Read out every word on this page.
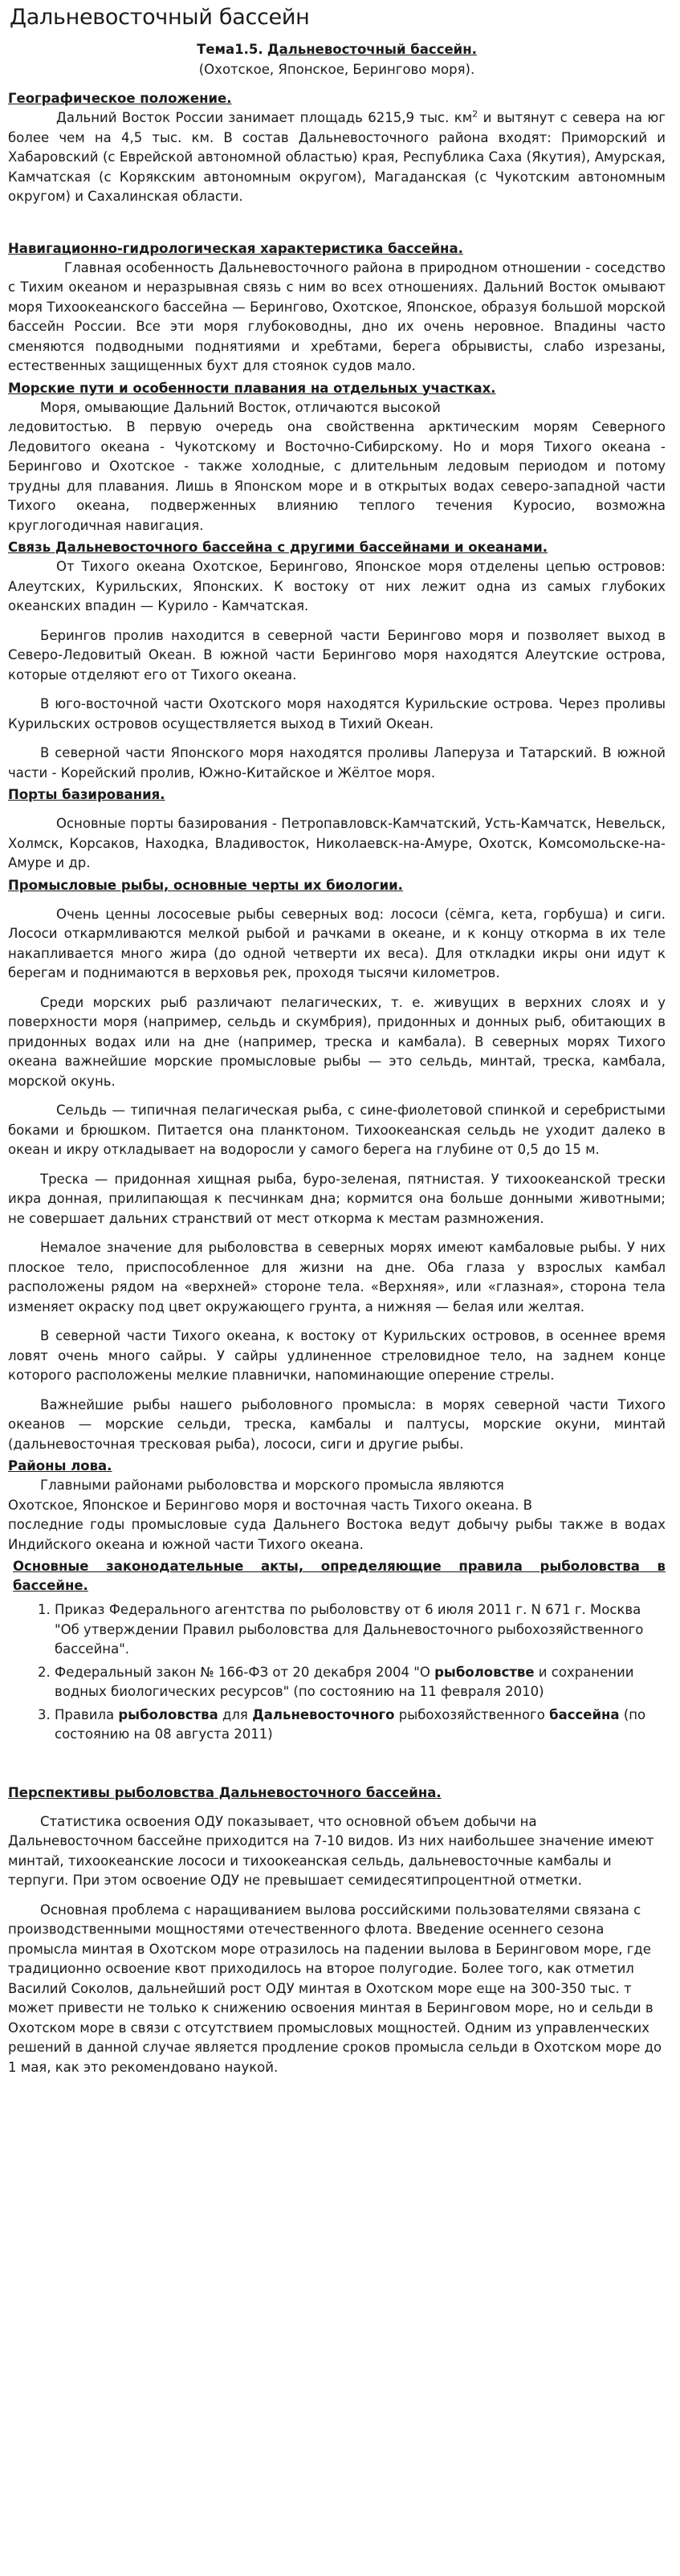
Дальневосточный бассейн

Тема1.5. Дальневосточный бассейн.

(Охотское, Японское, Берингово моря).

Географическое положение.

Дальний Восток России занимает площадь 6215,9 тыс. $км^2$ и вытянут с севера на юг более чем на 4,5 тыс. км. В состав Дальневосточного района входят: Приморский и Хабаровский (с Еврейской автономной областью) края, Республика Саха (Якутия), Амурская, Камчатская (с Корякским автономным округом), Магаданская (с Чукотским автономным округом) и Сахалинская области.

Навигационно-гидрологическая характеристика бассейна.

Главная особенность Дальневосточного района в природном отношении - соседство с Тихим океаном и неразрывная связь с ним во всех отношениях. Дальний Восток омывают моря Тихоокеанского бассейна — Берингово, Охотское, Японское, образуя большой морской бассейн России. Все эти моря глубоководны, дно их очень неровное. Впадины часто сменяются подводными поднятиями и хребтами, берега обрывисты, слабо изрезаны, естественных защищенных бухт для стоянок судов мало.

Морские пути и особенности плавания на отдельных участках.

Моря, омывающие Дальний Восток, отличаются высокой

ледовитостью. В первую очередь она свойственна арктическим морям Северного Ледовитого океана - Чукотскому и Восточно-Сибирскому. Но и моря Тихого океана - Берингово и Охотское - также холодные, с длительным ледовым периодом и потому трудны для плавания. Лишь в Японском море и в открытых водах северо-западной части Тихого океана, подверженных влиянию теплого течения Куросио, возможна круглогодичная навигация.

Связь Дальневосточного бассейна с другими бассейнами и океанами.

От Тихого океана Охотское, Берингово, Японское моря отделены цепью островов: Алеутских, Курильских, Японских. К востоку от них лежит одна из самых глубоких океанских впадин — Курило - Камчатская.

Берингов пролив находится в северной части Берингово моря и позволяет выход в Северо-Ледовитый Океан. В южной части Берингово моря находятся Алеутские острова, которые отделяют его от Тихого океана.

В юго-восточной части Охотского моря находятся Курильские острова. Через проливы Курильских островов осуществляется выход в Тихий Океан.

В северной части Японского моря находятся проливы Лаперуза и Татарский. В южной части - Корейский пролив, Южно-Китайское и Жёлтое моря.

Порты базирования.

Основные порты базирования - Петропавловск-Камчатский, Усть-Камчатск, Невельск, Холмск, Корсаков, Находка, Владивосток, Николаевск-на-Амуре, Охотск, Комсомольске-на-Амуре и др.

Промысловые рыбы, основные черты их биологии.

Очень ценны лососевые рыбы северных вод: лососи (сёмга, кета, горбуша) и сиги. Лососи откармливаются мелкой рыбой и рачками в океане, и к концу откорма в их теле накапливается много жира (до одной четверти их веса). Для откладки икры они идут к берегам и поднимаются в верховья рек, проходя тысячи километров.

Среди морских рыб различают пелагических, т. е. живущих в верхних слоях и у поверхности моря (например, сельдь и скумбрия), придонных и донных рыб, обитающих в придонных водах или на дне (например, треска и камбала). В северных морях Тихого океана важнейшие морские промысловые рыбы — это сельдь, минтай, треска, камбала, морской окунь.

Сельдь — типичная пелагическая рыба, с сине-фиолетовой спинкой и серебристыми боками и брюшком. Питается она планктоном. Тихоокеанская сельдь не уходит далеко в океан и икру откладывает на водоросли у самого берега на глубине от 0,5 до 15 м.

Треска — придонная хищная рыба, буро-зеленая, пятнистая. У тихоокеанской трески икра донная, прилипающая к песчинкам дна; кормится она больше донными животными; не совершает дальних странствий от мест откорма к местам размножения.

Немалое значение для рыболовства в северных морях имеют камбаловые рыбы. У них плоское тело, приспособленное для жизни на дне. Оба глаза у взрослых камбал расположены рядом на «верхней» стороне тела. «Верхняя», или «глазная», сторона тела изменяет окраску под цвет окружающего грунта, а нижняя — белая или желтая.

В северной части Тихого океана, к востоку от Курильских островов, в осеннее время ловят очень много сайры. У сайры удлиненное стреловидное тело, на заднем конце которого расположены мелкие плавнички, напоминающие оперение стрелы.

Важнейшие рыбы нашего рыболовного промысла: в морях северной части Тихого океанов — морские сельди, треска, камбалы и палтусы, морские окуни, минтай (дальневосточная тресковая рыба), лососи, сиги и другие рыбы.

Районы лова.

Главными районами рыболовства и морского промысла являются

Охотское, Японское и Берингово моря и восточная часть Тихого океана. В

последние годы промысловые суда Дальнего Востока ведут добычу рыбы также в водах Индийского океана и южной части Тихого океана.

Основные законодательные акты, определяющие правила рыболовства в бассейне.

1. Приказ Федерального агентства по рыболовству от 6 июля 2011 г. N 671 г. Москва "Об утверждении Правил рыболовства для Дальневосточного рыбохозяйственного бассейна".
2. Федеральный закон № 166-ФЗ от 20 декабря 2004 "О рыболовстве и сохранении водных биологических ресурсов" (по состоянию на 11 февраля 2010)
3. Правила рыболовства для Дальневосточного рыбохозяйственного бассейна (по состоянию на 08 августа 2011)

Перспективы рыболовства Дальневосточного бассейна.

Статистика освоения ОДУ показывает, что основной объем добычи на Дальневосточном бассейне приходится на 7-10 видов. Из них наибольшее значение имеют минтай, тихоокеанские лососи и тихоокеанская сельдь, дальневосточные камбалы и терпуги. При этом освоение ОДУ не превышает семидесятипроцентной отметки.

Основная проблема с наращиванием вылова российскими пользователями связана с производственными мощностями отечественного флота. Введение осеннего сезона промысла минтая в Охотском море отразилось на падении вылова в Беринговом море, где традиционно освоение квот приходилось на второе полугодие. Более того, как отметил Василий Соколов, дальнейший рост ОДУ минтая в Охотском море еще на 300-350 тыс. т может привести не только к снижению освоения минтая в Беринговом море, но и сельди в Охотском море в связи с отсутствием промысловых мощностей. Одним из управленческих решений в данной случае является продление сроков промысла сельди в Охотском море до 1 мая, как это рекомендовано наукой.
